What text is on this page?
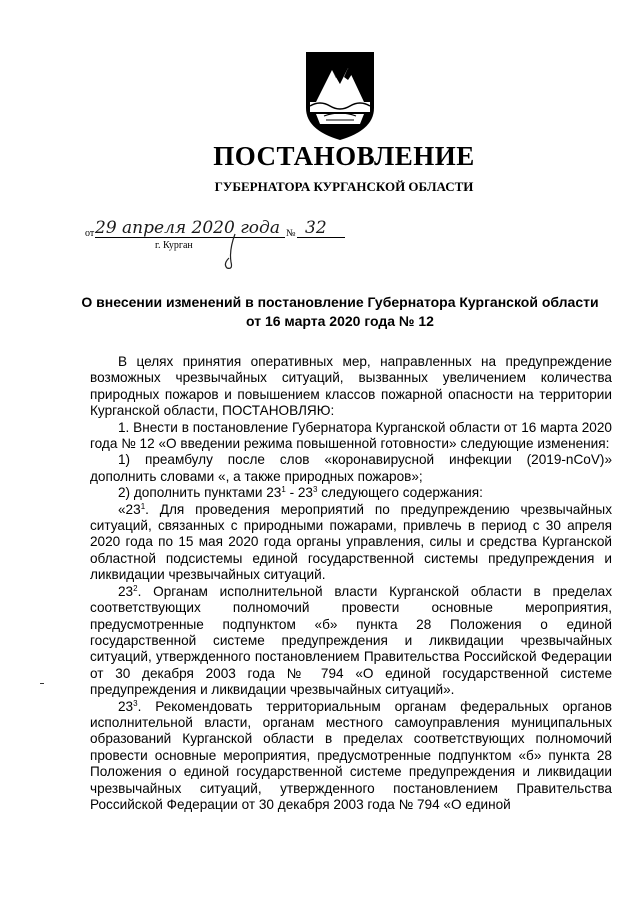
ПОСТАНОВЛЕНИЕ
ГУБЕРНАТОРА КУРГАНСКОЙ ОБЛАСТИ
от 29 апреля 2020 года № 32
г. Курган
О внесении изменений в постановление Губернатора Курганской области
от 16 марта 2020 года № 12

В целях принятия оперативных мер, направленных на предупреждение возможных чрезвычайных ситуаций, вызванных увеличением количества природных пожаров и повышением классов пожарной опасности на территории Курганской области, ПОСТАНОВЛЯЮ:

1. Внести в постановление Губернатора Курганской области от 16 марта 2020 года № 12 «О введении режима повышенной готовности» следующие изменения:

1) преамбулу после слов «коронавирусной инфекции (2019-nCoV)» дополнить словами «, а также природных пожаров»;

2) дополнить пунктами $23^1 - 23^3$ следующего содержания:

«$23^1$. Для проведения мероприятий по предупреждению чрезвычайных ситуаций, связанных с природными пожарами, привлечь в период с 30 апреля 2020 года по 15 мая 2020 года органы управления, силы и средства Курганской областной подсистемы единой государственной системы предупреждения и ликвидации чрезвычайных ситуаций.

$23^2$. Органам исполнительной власти Курганской области в пределах соответствующих полномочий провести основные мероприятия, предусмотренные подпунктом «б» пункта 28 Положения о единой государственной системе предупреждения и ликвидации чрезвычайных ситуаций, утвержденного постановлением Правительства Российской Федерации от 30 декабря 2003 года № 794 «О единой государственной системе предупреждения и ликвидации чрезвычайных ситуаций».

$23^3$. Рекомендовать территориальным органам федеральных органов исполнительной власти, органам местного самоуправления муниципальных образований Курганской области в пределах соответствующих полномочий провести основные мероприятия, предусмотренные подпунктом «б» пункта 28 Положения о единой государственной системе предупреждения и ликвидации чрезвычайных ситуаций, утвержденного постановлением Правительства Российской Федерации от 30 декабря 2003 года № 794 «О единой
